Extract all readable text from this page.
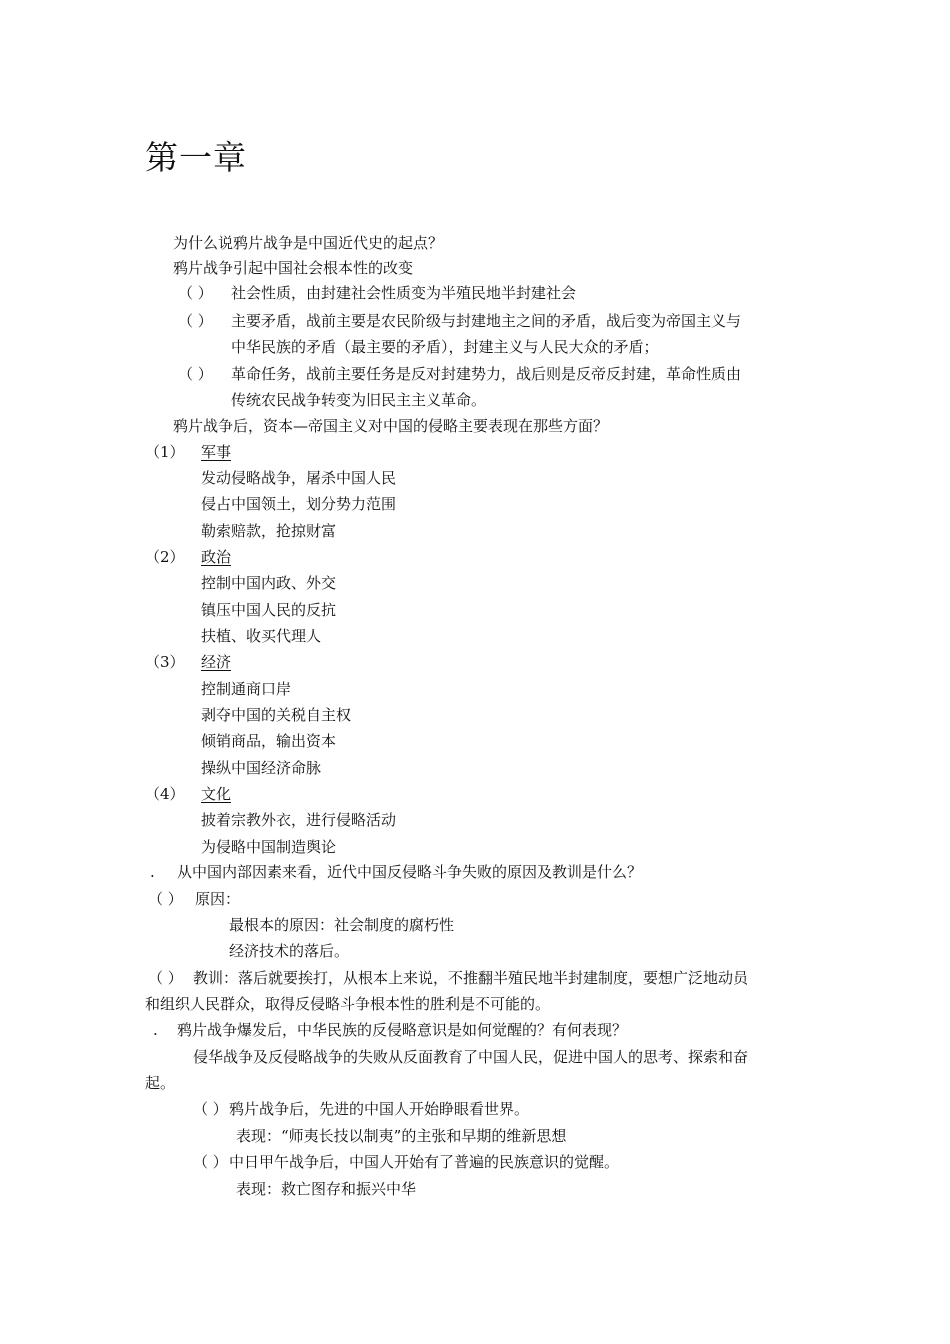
第一章
为什么说鸦片战争是中国近代史的起点？
鸦片战争引起中国社会根本性的改变
（ ） 社会性质，由封建社会性质变为半殖民地半封建社会
（ ） 主要矛盾，战前主要是农民阶级与封建地主之间的矛盾，战后变为帝国主义与
中华民族的矛盾（最主要的矛盾），封建主义与人民大众的矛盾；
（ ） 革命任务，战前主要任务是反对封建势力，战后则是反帝反封建，革命性质由
传统农民战争转变为旧民主主义革命。
鸦片战争后，资本—帝国主义对中国的侵略主要表现在那些方面？
（1） 军事
发动侵略战争，屠杀中国人民
侵占中国领土，划分势力范围
勒索赔款，抢掠财富
（2） 政治
控制中国内政、外交
镇压中国人民的反抗
扶植、收买代理人
（3） 经济
控制通商口岸
剥夺中国的关税自主权
倾销商品，输出资本
操纵中国经济命脉
（4） 文化
披着宗教外衣，进行侵略活动
为侵略中国制造舆论
. 从中国内部因素来看，近代中国反侵略斗争失败的原因及教训是什么？
（ ） 原因：
最根本的原因：社会制度的腐朽性
经济技术的落后。
（ ） 教训：落后就要挨打，从根本上来说，不推翻半殖民地半封建制度，要想广泛地动员
和组织人民群众，取得反侵略斗争根本性的胜利是不可能的。
. 鸦片战争爆发后，中华民族的反侵略意识是如何觉醒的？有何表现？
侵华战争及反侵略战争的失败从反面教育了中国人民，促进中国人的思考、探索和奋
起。
（ ） 鸦片战争后，先进的中国人开始睁眼看世界。
表现：“师夷长技以制夷”的主张和早期的维新思想
（ ） 中日甲午战争后，中国人开始有了普遍的民族意识的觉醒。
表现：救亡图存和振兴中华
